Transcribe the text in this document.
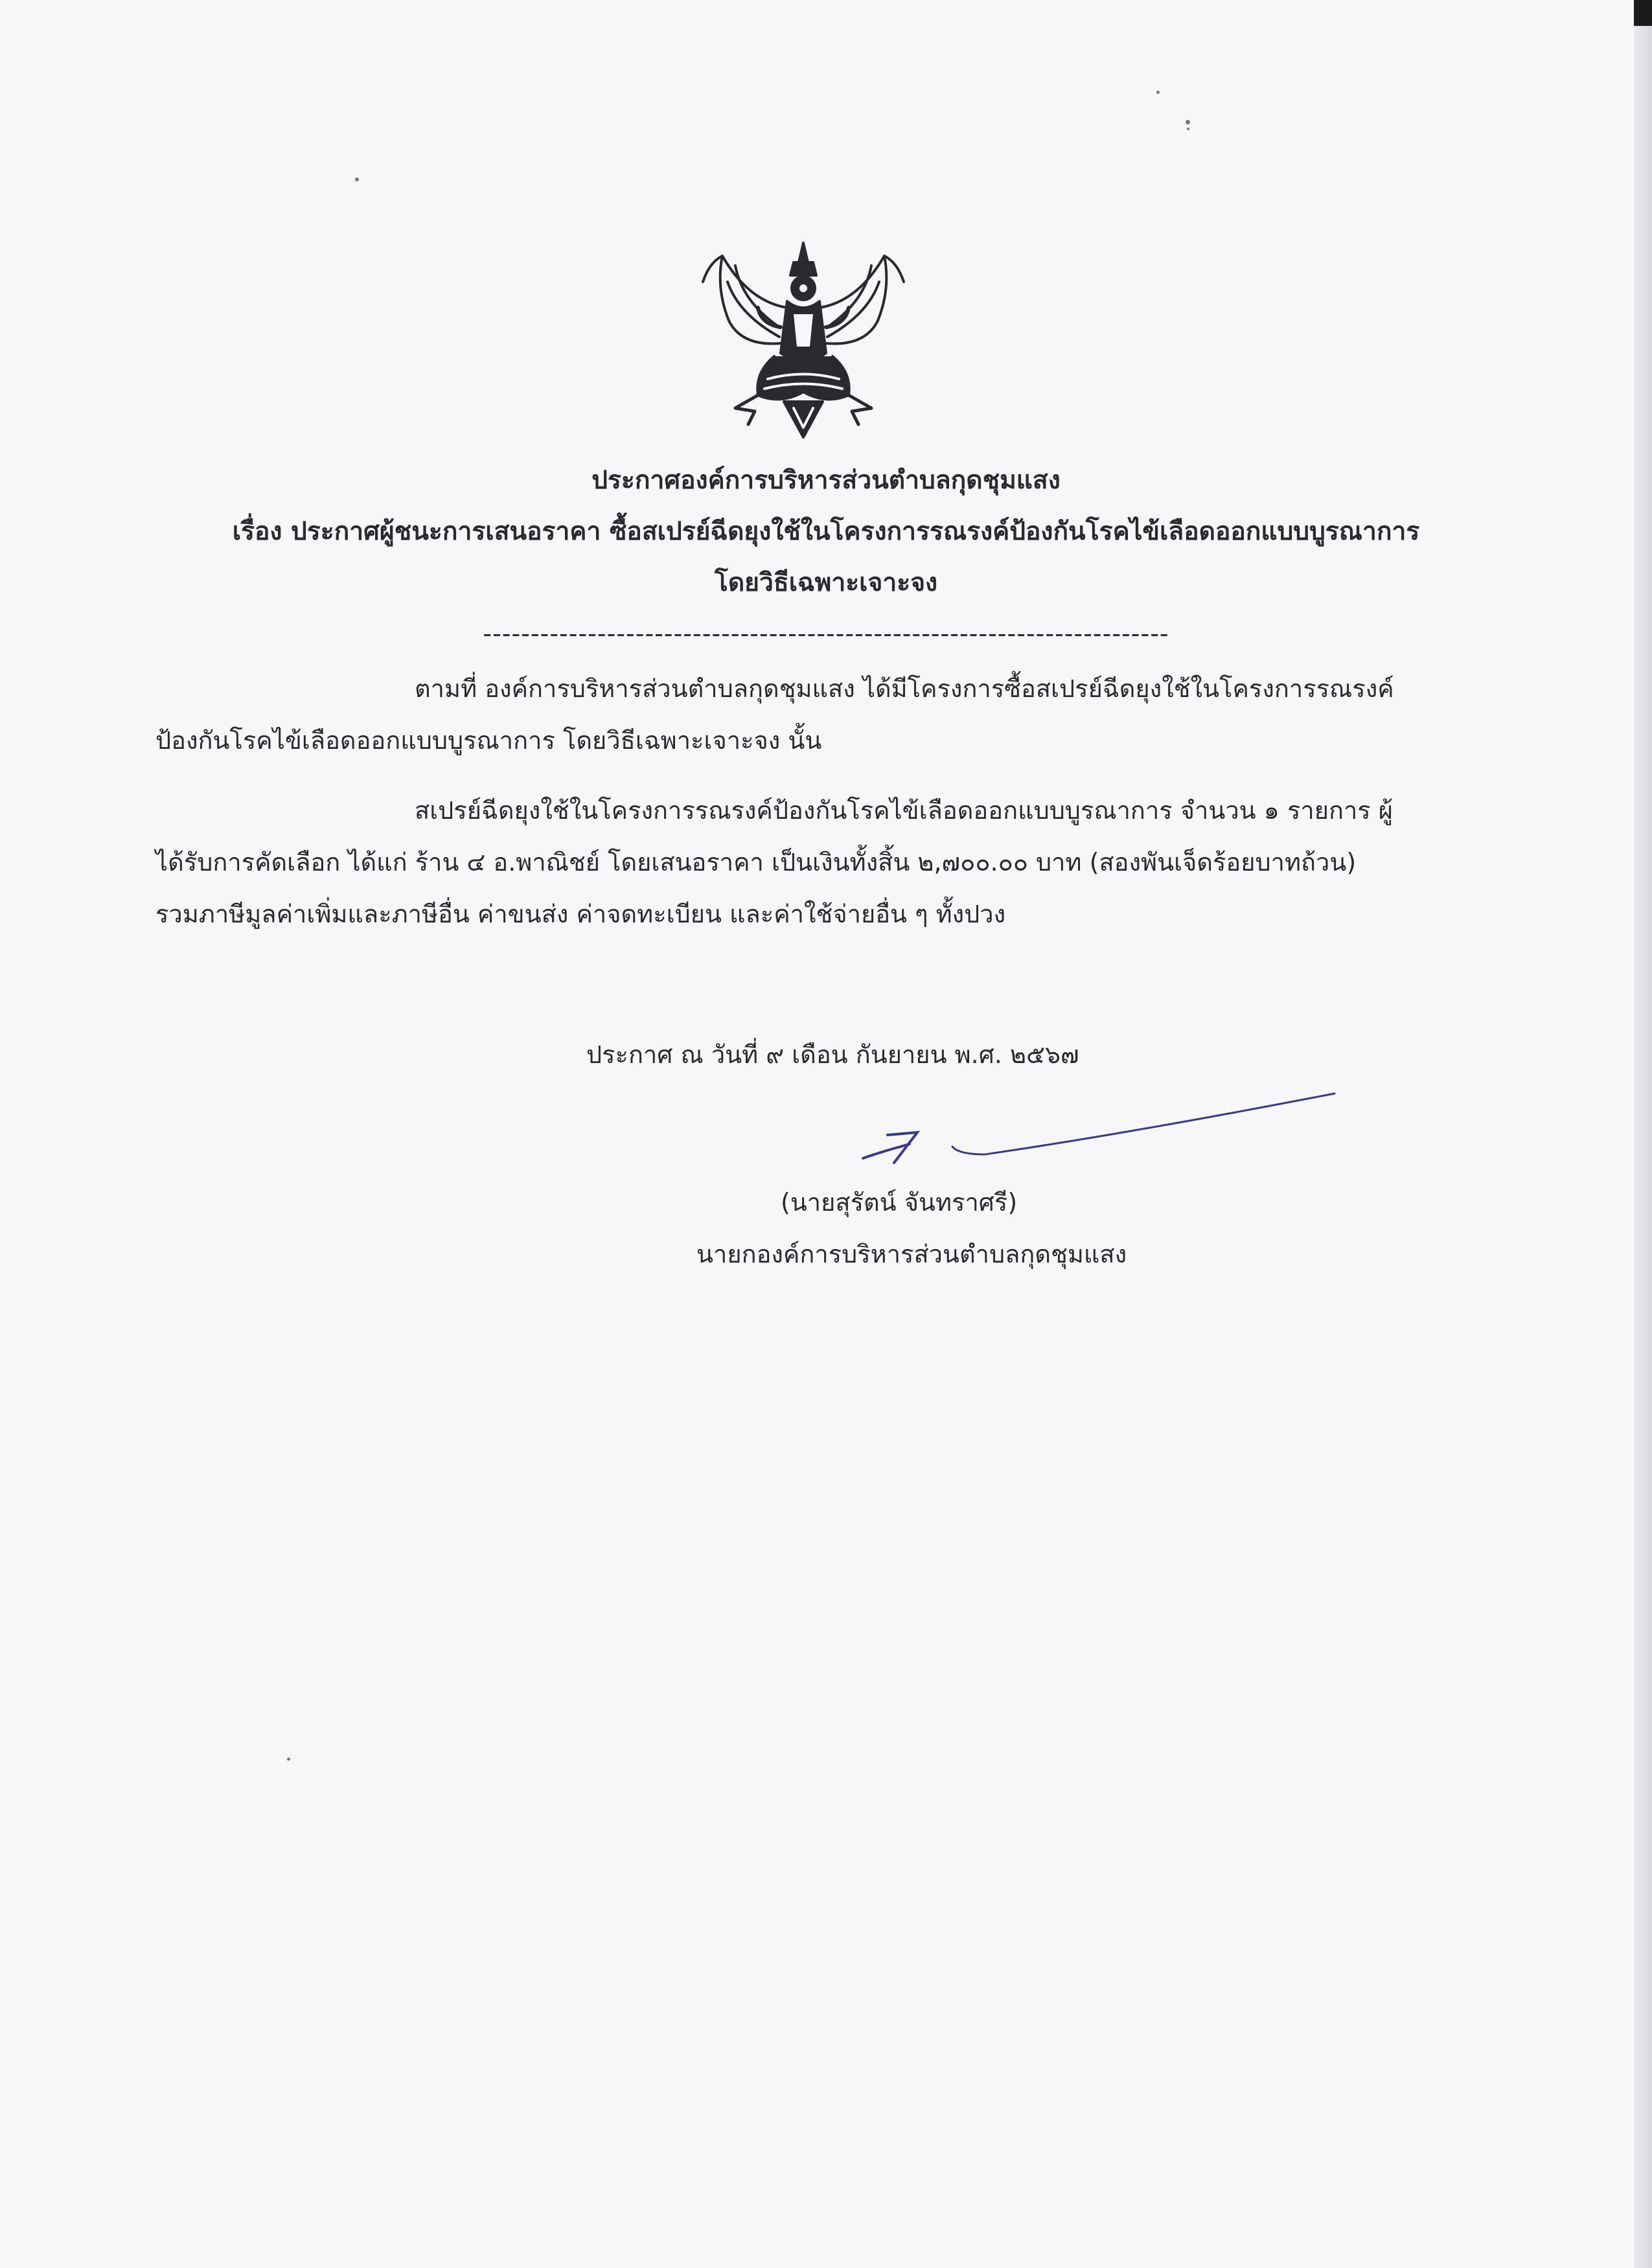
ประกาศองค์การบริหารส่วนตำบลกุดชุมแสง
เรื่อง ประกาศผู้ชนะการเสนอราคา ซื้อสเปรย์ฉีดยุงใช้ในโครงการรณรงค์ป้องกันโรคไข้เลือดออกแบบบูรณาการ
โดยวิธีเฉพาะเจาะจง
------------------------------------------------------------------------
ตามที่ องค์การบริหารส่วนตำบลกุดชุมแสง ได้มีโครงการซื้อสเปรย์ฉีดยุงใช้ในโครงการรณรงค์
ป้องกันโรคไข้เลือดออกแบบบูรณาการ โดยวิธีเฉพาะเจาะจง นั้น
สเปรย์ฉีดยุงใช้ในโครงการรณรงค์ป้องกันโรคไข้เลือดออกแบบบูรณาการ จำนวน ๑ รายการ ผู้
ได้รับการคัดเลือก ได้แก่ ร้าน ๔ อ.พาณิชย์ โดยเสนอราคา เป็นเงินทั้งสิ้น ๒,๗๐๐.๐๐ บาท (สองพันเจ็ดร้อยบาทถ้วน)
รวมภาษีมูลค่าเพิ่มและภาษีอื่น ค่าขนส่ง ค่าจดทะเบียน และค่าใช้จ่ายอื่น ๆ ทั้งปวง
ประกาศ ณ วันที่ ๙ เดือน กันยายน พ.ศ. ๒๕๖๗
(นายสุรัตน์ จันทราศรี)
นายกองค์การบริหารส่วนตำบลกุดชุมแสง
